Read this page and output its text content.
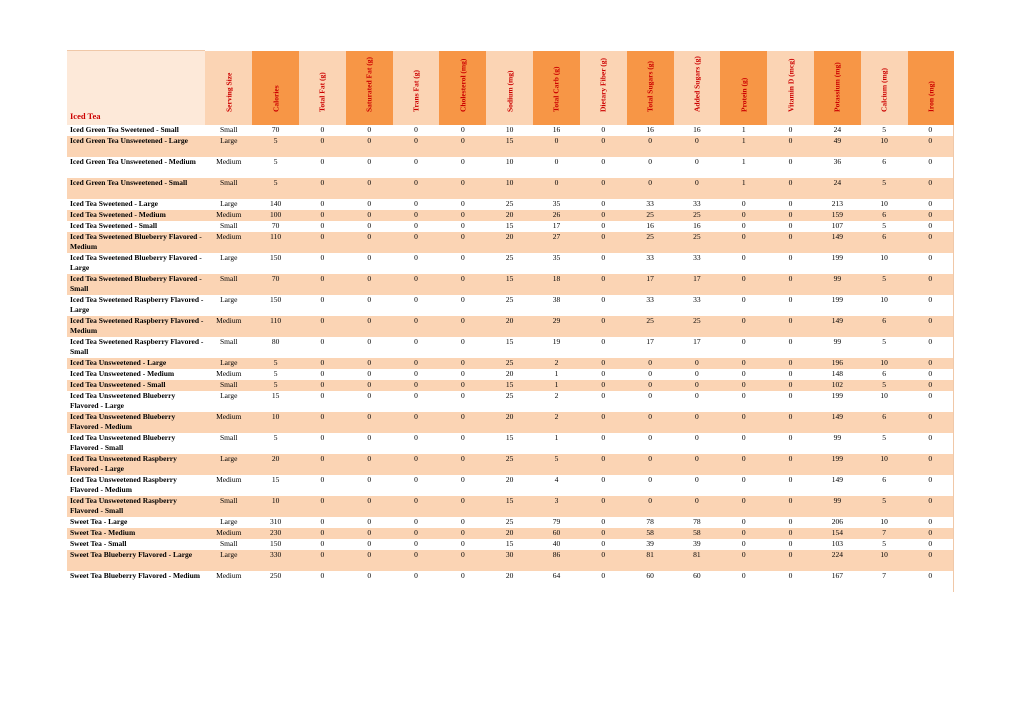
Iced Tea	Serving Size	Calories	Total Fat (g)	Saturated Fat (g)	Trans Fat (g)	Cholesterol (mg)	Sodium (mg)	Total Carb (g)	Dietary Fiber (g)	Total Sugars (g)	Added Sugars (g)	Protein (g)	Vitamin D (mcg)	Potassium (mg)	Calcium (mg)	Iron (mg)

Iced Green Tea Sweetened - Small	Small	70	0	0	0	0	10	16	0	16	16	1	0	24	5	0
Iced Green Tea Unsweetened - Large	Large	5	0	0	0	0	15	0	0	0	0	1	0	49	10	0
Iced Green Tea Unsweetened - Medium	Medium	5	0	0	0	0	10	0	0	0	0	1	0	36	6	0
Iced Green Tea Unsweetened - Small	Small	5	0	0	0	0	10	0	0	0	0	1	0	24	5	0
Iced Tea Sweetened - Large	Large	140	0	0	0	0	25	35	0	33	33	0	0	213	10	0
Iced Tea Sweetened - Medium	Medium	100	0	0	0	0	20	26	0	25	25	0	0	159	6	0
Iced Tea Sweetened - Small	Small	70	0	0	0	0	15	17	0	16	16	0	0	107	5	0
Iced Tea Sweetened Blueberry Flavored - Medium	Medium	110	0	0	0	0	20	27	0	25	25	0	0	149	6	0
Iced Tea Sweetened Blueberry Flavored - Large	Large	150	0	0	0	0	25	35	0	33	33	0	0	199	10	0
Iced Tea Sweetened Blueberry Flavored - Small	Small	70	0	0	0	0	15	18	0	17	17	0	0	99	5	0
Iced Tea Sweetened Raspberry Flavored - Large	Large	150	0	0	0	0	25	38	0	33	33	0	0	199	10	0
Iced Tea Sweetened Raspberry Flavored - Medium	Medium	110	0	0	0	0	20	29	0	25	25	0	0	149	6	0
Iced Tea Sweetened Raspberry Flavored - Small	Small	80	0	0	0	0	15	19	0	17	17	0	0	99	5	0
Iced Tea Unsweetened - Large	Large	5	0	0	0	0	25	2	0	0	0	0	0	196	10	0
Iced Tea Unsweetened - Medium	Medium	5	0	0	0	0	20	1	0	0	0	0	0	148	6	0
Iced Tea Unsweetened - Small	Small	5	0	0	0	0	15	1	0	0	0	0	0	102	5	0
Iced Tea Unsweetened Blueberry Flavored - Large	Large	15	0	0	0	0	25	2	0	0	0	0	0	199	10	0
Iced Tea Unsweetened Blueberry Flavored - Medium	Medium	10	0	0	0	0	20	2	0	0	0	0	0	149	6	0
Iced Tea Unsweetened Blueberry Flavored - Small	Small	5	0	0	0	0	15	1	0	0	0	0	0	99	5	0
Iced Tea Unsweetened Raspberry Flavored - Large	Large	20	0	0	0	0	25	5	0	0	0	0	0	199	10	0
Iced Tea Unsweetened Raspberry Flavored - Medium	Medium	15	0	0	0	0	20	4	0	0	0	0	0	149	6	0
Iced Tea Unsweetened Raspberry Flavored - Small	Small	10	0	0	0	0	15	3	0	0	0	0	0	99	5	0
Sweet Tea - Large	Large	310	0	0	0	0	25	79	0	78	78	0	0	206	10	0
Sweet Tea - Medium	Medium	230	0	0	0	0	20	60	0	58	58	0	0	154	7	0
Sweet Tea - Small	Small	150	0	0	0	0	15	40	0	39	39	0	0	103	5	0
Sweet Tea Blueberry Flavored - Large	Large	330	0	0	0	0	30	86	0	81	81	0	0	224	10	0
Sweet Tea Blueberry Flavored - Medium	Medium	250	0	0	0	0	20	64	0	60	60	0	0	167	7	0
